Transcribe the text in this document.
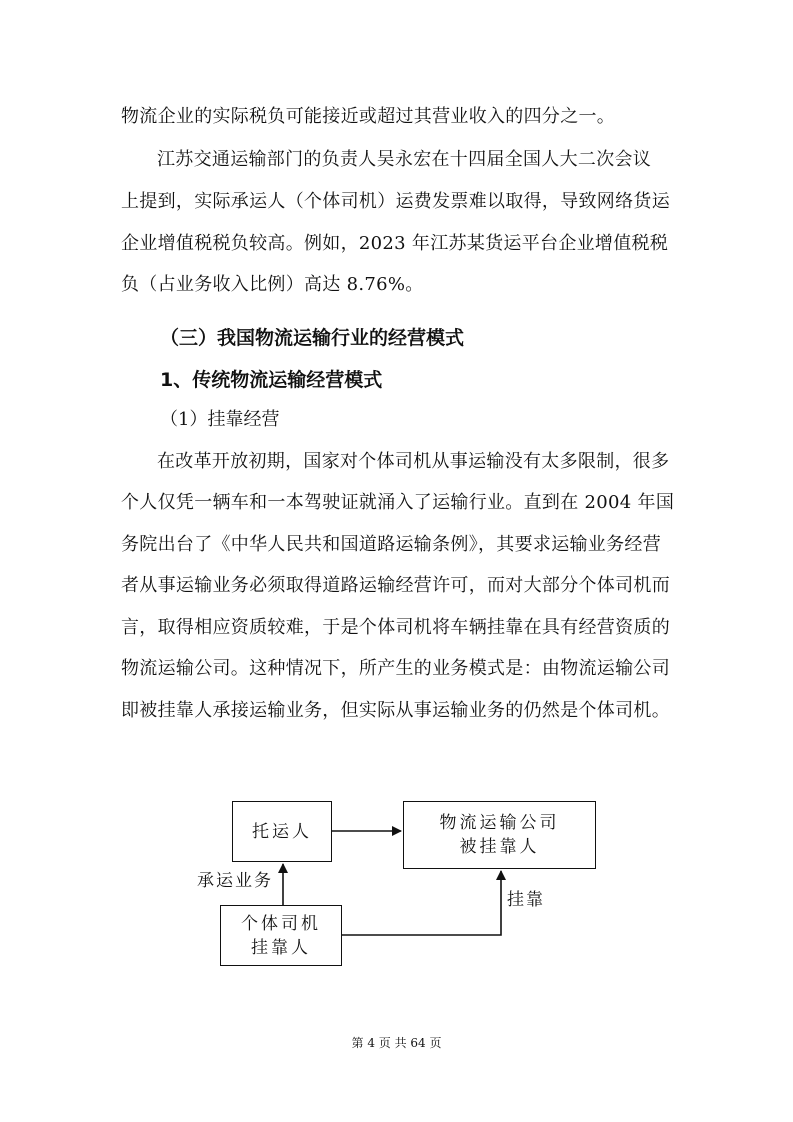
物流企业的实际税负可能接近或超过其营业收入的四分之一。
江苏交通运输部门的负责人吴永宏在十四届全国人大二次会议
上提到，实际承运人（个体司机）运费发票难以取得，导致网络货运
企业增值税税负较高。例如，2023 年江苏某货运平台企业增值税税
负（占业务收入比例）高达 8.76%。
（三）我国物流运输行业的经营模式
1、传统物流运输经营模式
（1）挂靠经营
在改革开放初期，国家对个体司机从事运输没有太多限制，很多
个人仅凭一辆车和一本驾驶证就涌入了运输行业。直到在 2004 年国
务院出台了《中华人民共和国道路运输条例》，其要求运输业务经营
者从事运输业务必须取得道路运输经营许可，而对大部分个体司机而
言，取得相应资质较难，于是个体司机将车辆挂靠在具有经营资质的
物流运输公司。这种情况下，所产生的业务模式是：由物流运输公司
即被挂靠人承接运输业务，但实际从事运输业务的仍然是个体司机。
托运人	物流运输公司
被挂靠人
个体司机
挂靠人
承运业务
挂靠
第 4 页 共 64 页
